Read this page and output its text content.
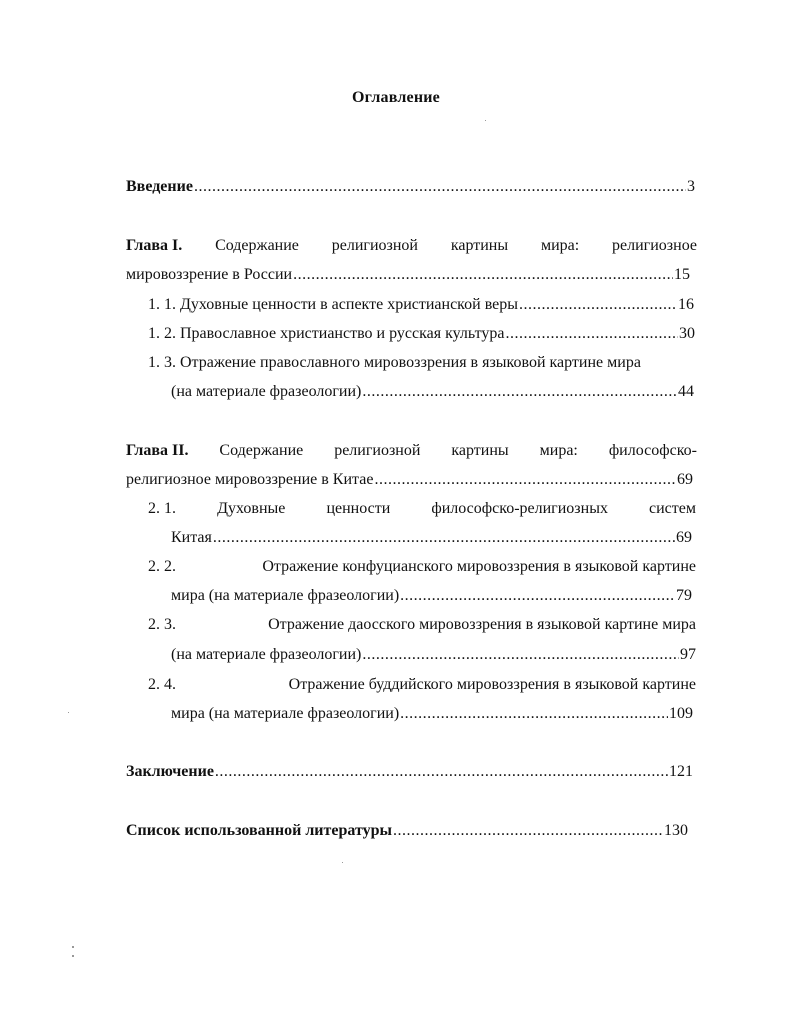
Оглавление
Введение .....	3
Глава I. Содержание религиозной картины мира: религиозное
мировоззрение в России .....	15
1. 1. Духовные ценности в аспекте христианской веры .....	16
1. 2. Православное христианство и русская культура .....	30
1. 3. Отражение православного мировоззрения в языковой картине мира
(на материале фразеологии) .....	44
Глава II. Содержание религиозной картины мира: философско-
религиозное мировоззрение в Китае .....	69
2. 1.	Духовные	ценности	философско-религиозных	систем
Китая .....	69
2. 2.	Отражение конфуцианского мировоззрения в языковой картине
мира (на материале фразеологии) .....	79
2. 3.	Отражение даосского мировоззрения в языковой картине мира
(на материале фразеологии) .....	97
2. 4.	Отражение буддийского мировоззрения в языковой картине
мира (на материале фразеологии) .....	109
Заключение .....	121
Список использованной литературы .....	130
